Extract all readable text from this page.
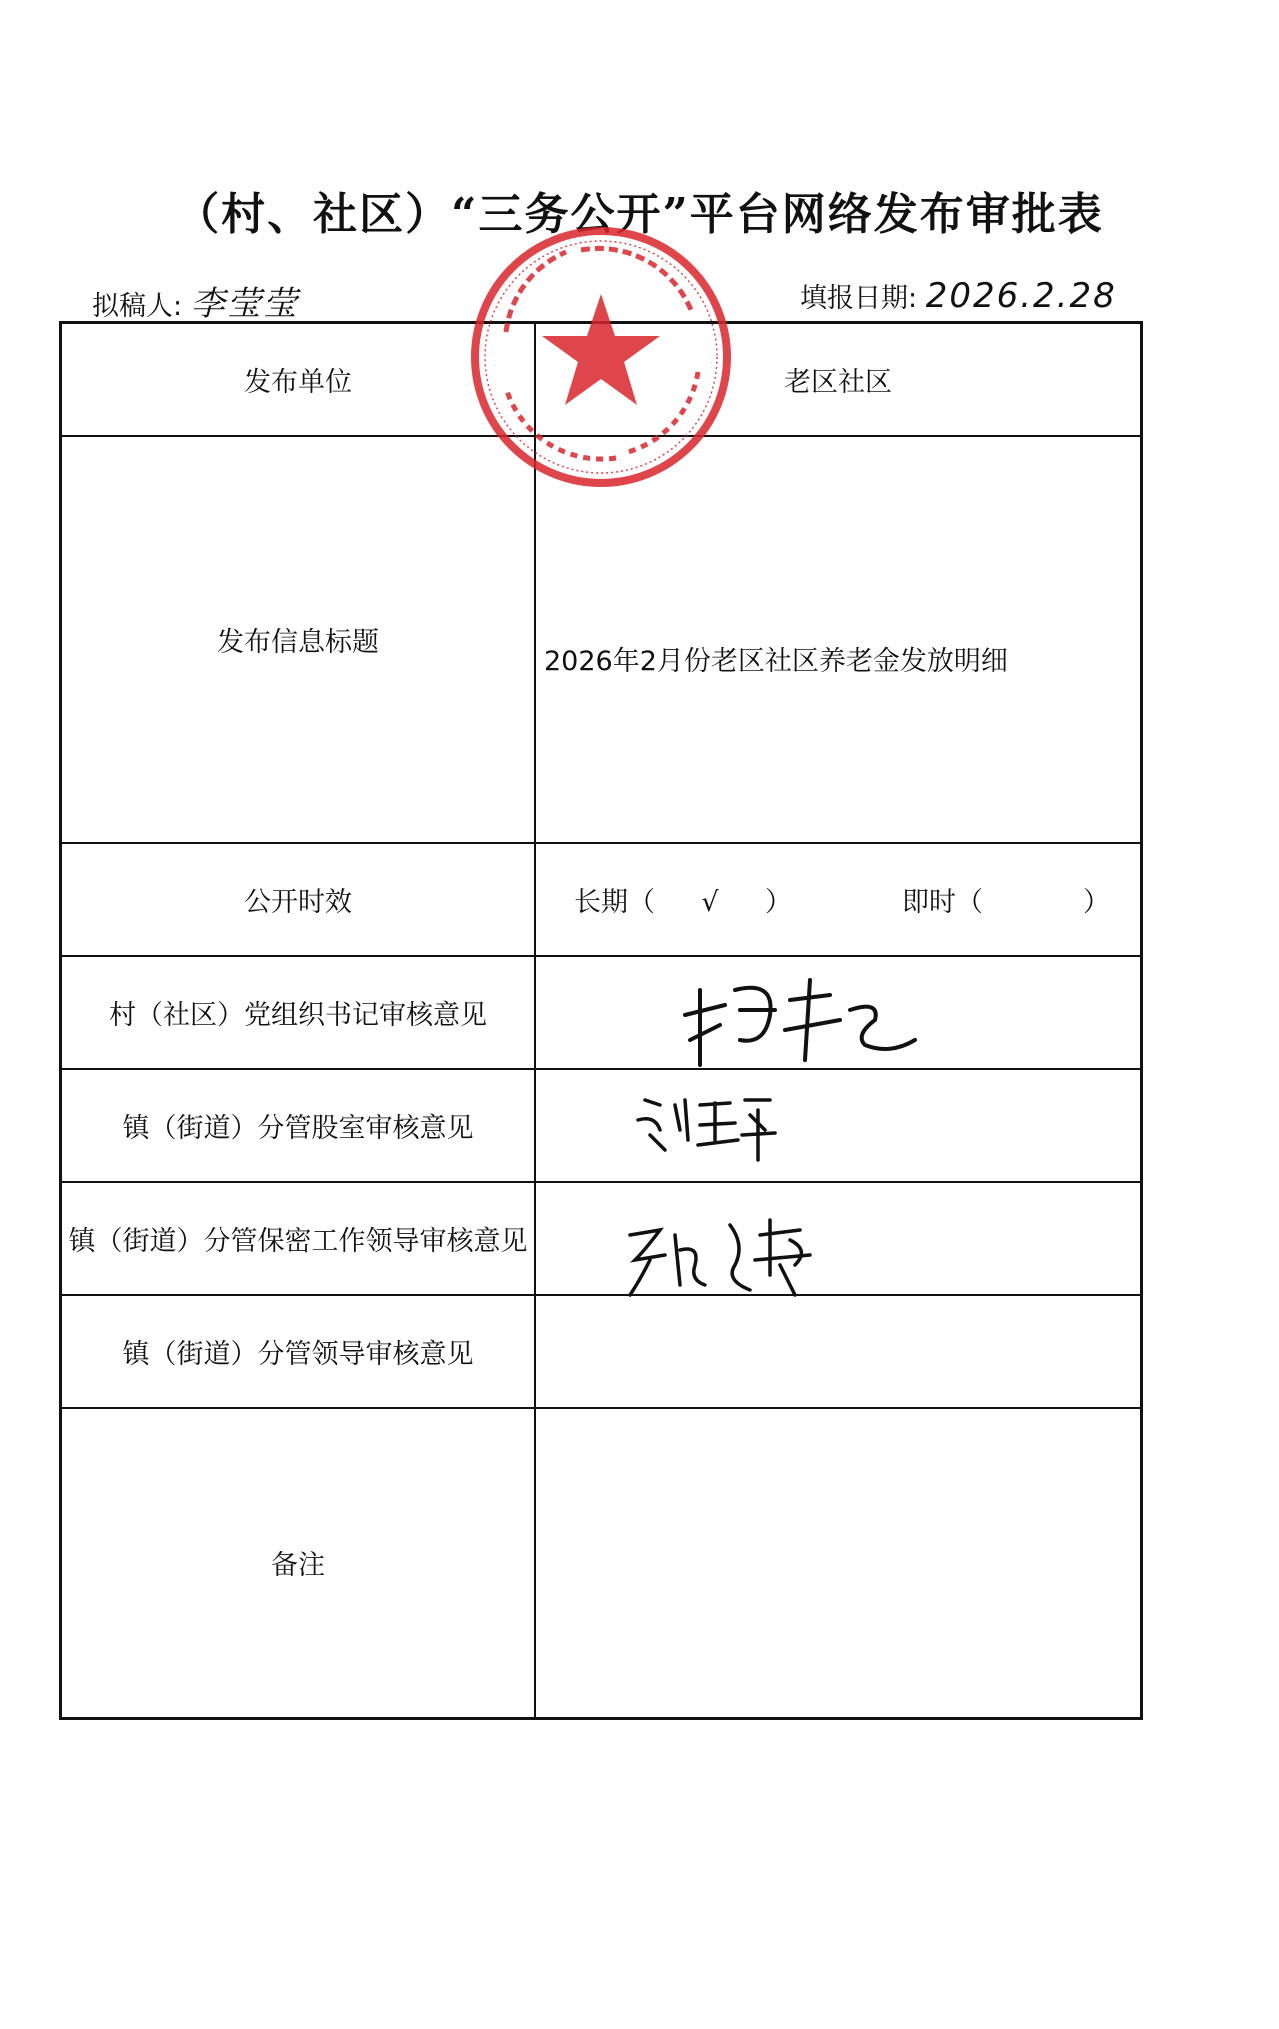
（村、社区）“三务公开”平台网络发布审批表
拟稿人: 李莹莹	填报日期: 2026.2.28
发布单位	老区社区
发布信息标题	2026年2月份老区社区养老金发放明细

公开时效	长期（ √ ） 即时（ ）

村（社区）党组织书记审核意见	
镇（街道）分管股室审核意见	
镇（街道）分管保密工作领导审核意见	
镇（街道）分管领导审核意见	
备注	
